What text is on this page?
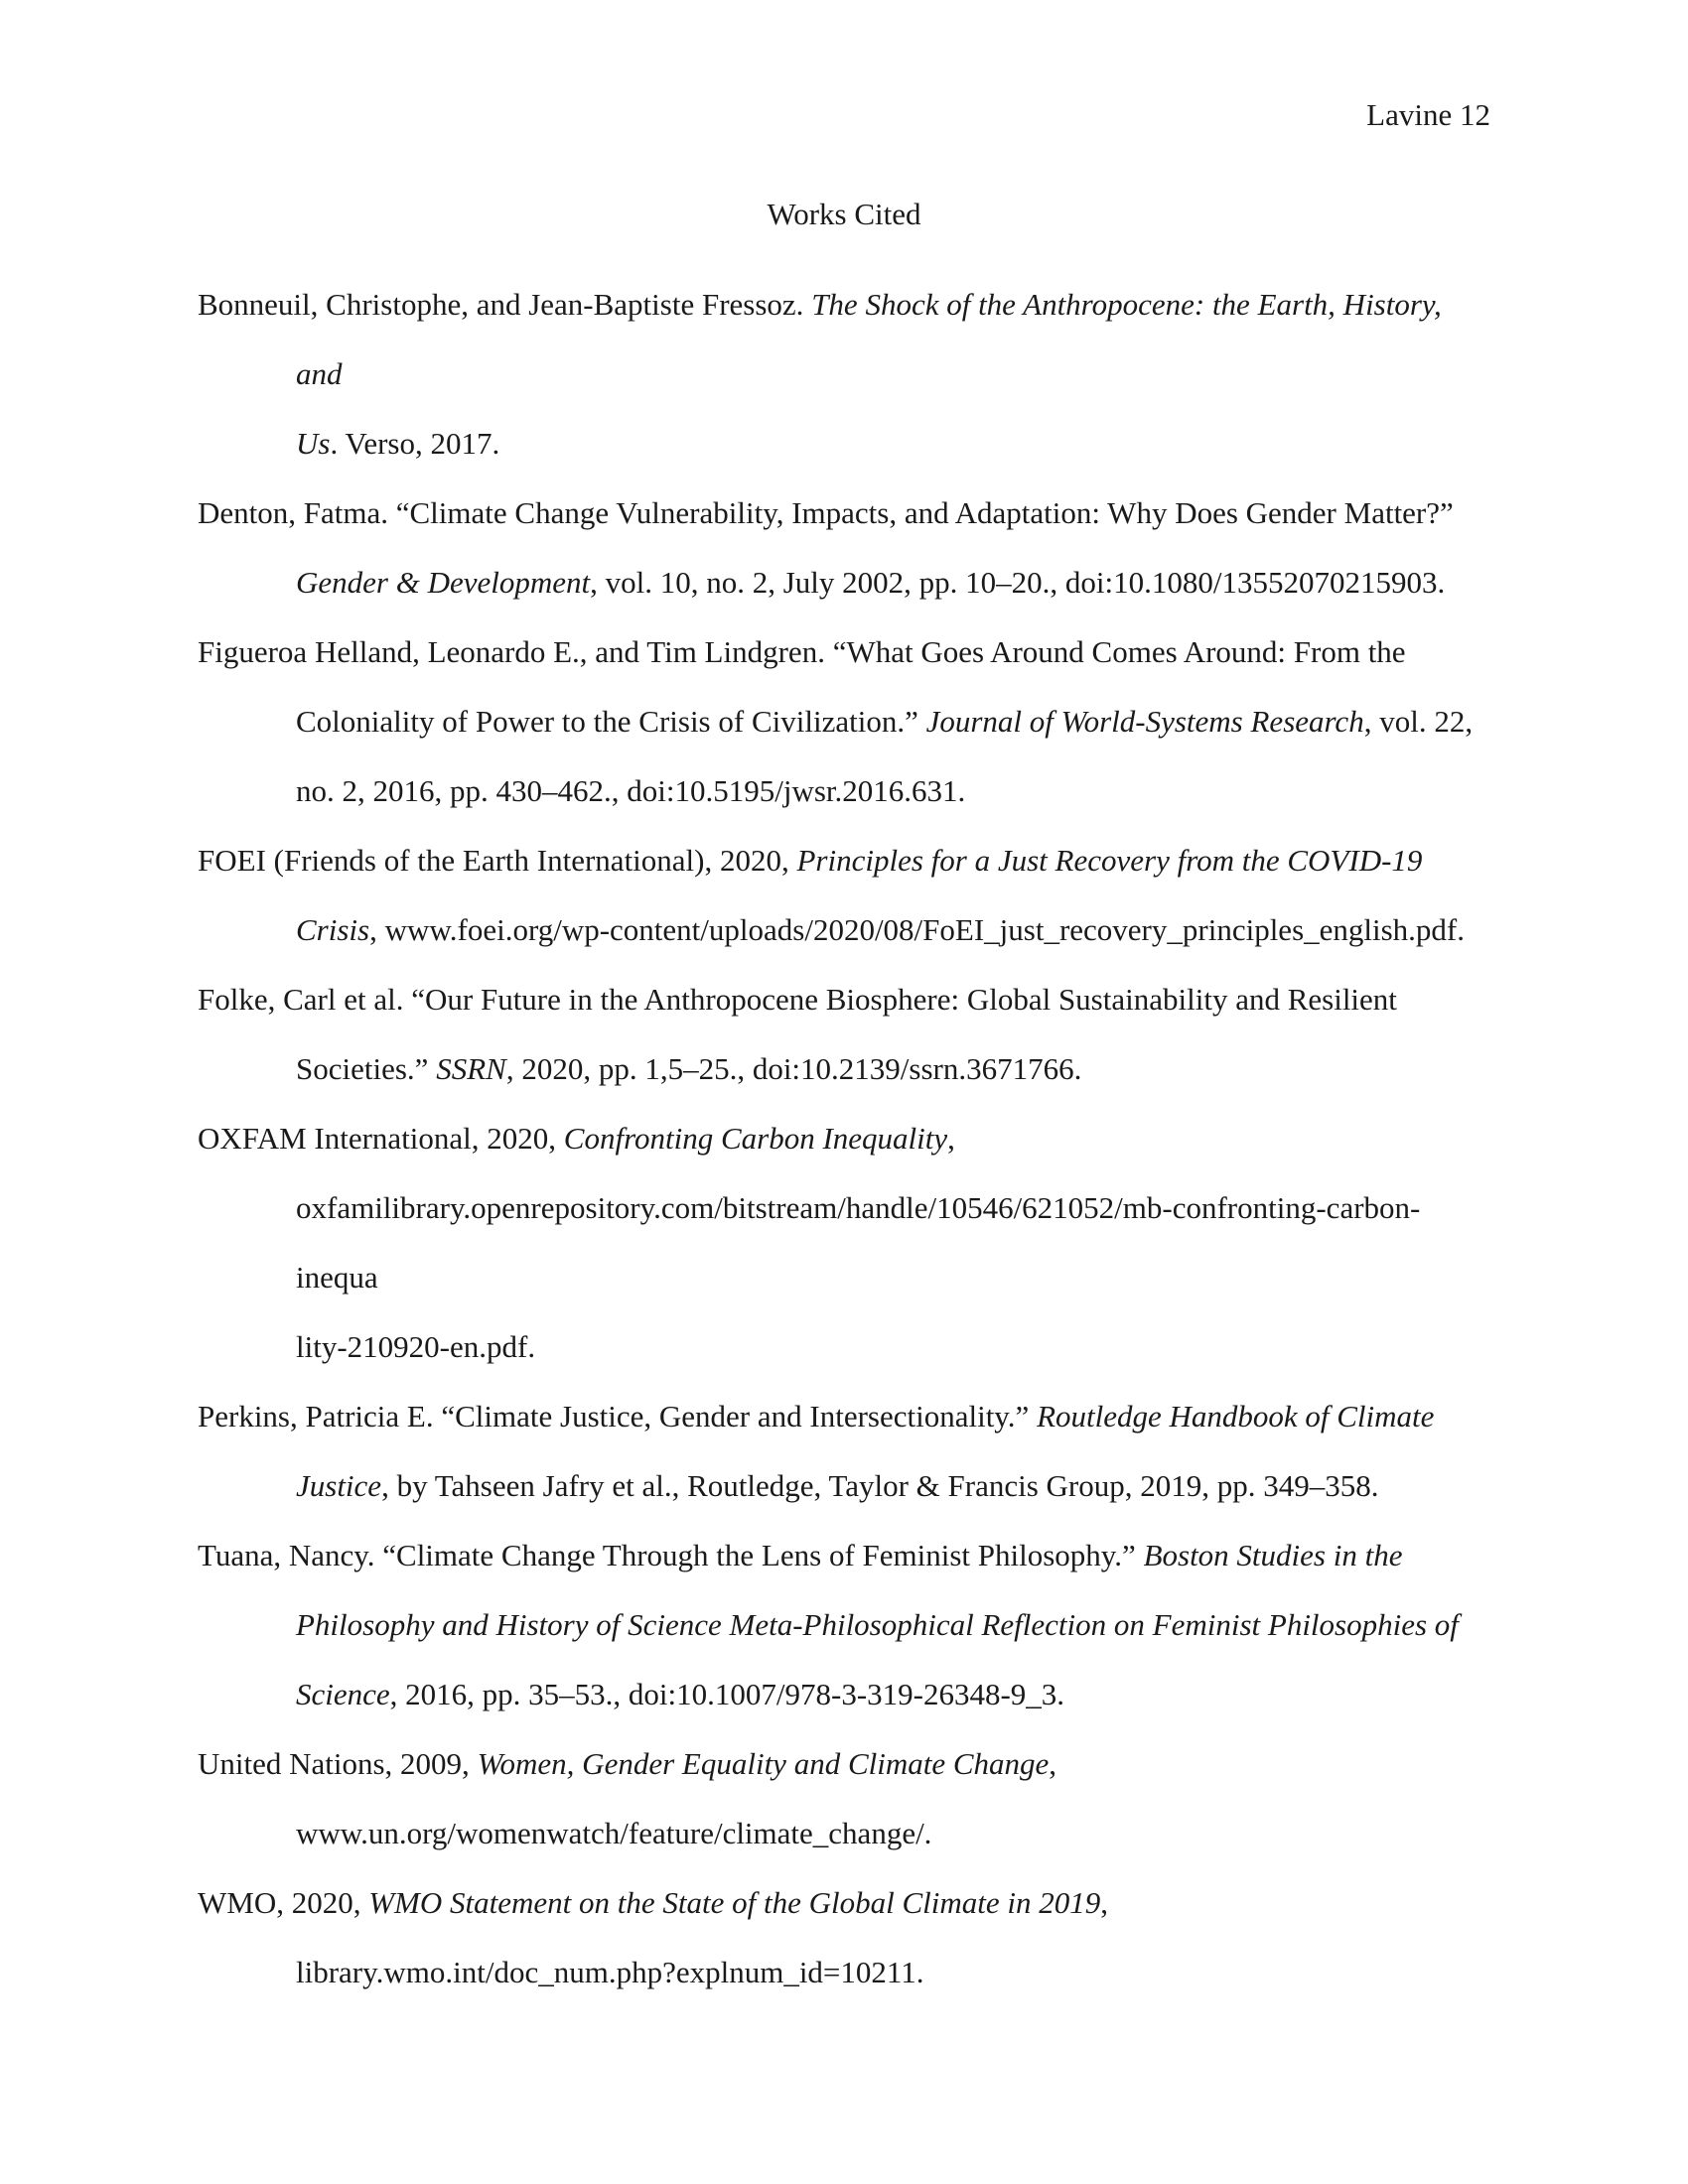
Lavine 12

Works Cited
Bonneuil, Christophe, and Jean-Baptiste Fressoz. The Shock of the Anthropocene: the Earth, History, and
Us. Verso, 2017.
Denton, Fatma. “Climate Change Vulnerability, Impacts, and Adaptation: Why Does Gender Matter?”
Gender & Development, vol. 10, no. 2, July 2002, pp. 10–20., doi:10.1080/13552070215903.
Figueroa Helland, Leonardo E., and Tim Lindgren. “What Goes Around Comes Around: From the
Coloniality of Power to the Crisis of Civilization.” Journal of World-Systems Research, vol. 22,
no. 2, 2016, pp. 430–462., doi:10.5195/jwsr.2016.631.
FOEI (Friends of the Earth International), 2020, Principles for a Just Recovery from the COVID-19
Crisis, www.foei.org/wp-content/uploads/2020/08/FoEI_just_recovery_principles_english.pdf.
Folke, Carl et al. “Our Future in the Anthropocene Biosphere: Global Sustainability and Resilient
Societies.” SSRN, 2020, pp. 1,5–25., doi:10.2139/ssrn.3671766.
OXFAM International, 2020, Confronting Carbon Inequality,
oxfamilibrary.openrepository.com/bitstream/handle/10546/621052/mb-confronting-carbon-inequa
lity-210920-en.pdf.
Perkins, Patricia E. “Climate Justice, Gender and Intersectionality.” Routledge Handbook of Climate
Justice, by Tahseen Jafry et al., Routledge, Taylor & Francis Group, 2019, pp. 349–358.
Tuana, Nancy. “Climate Change Through the Lens of Feminist Philosophy.” Boston Studies in the
Philosophy and History of Science Meta-Philosophical Reflection on Feminist Philosophies of
Science, 2016, pp. 35–53., doi:10.1007/978-3-319-26348-9_3.
United Nations, 2009, Women, Gender Equality and Climate Change,
www.un.org/womenwatch/feature/climate_change/.
WMO, 2020, WMO Statement on the State of the Global Climate in 2019,
library.wmo.int/doc_num.php?explnum_id=10211.
